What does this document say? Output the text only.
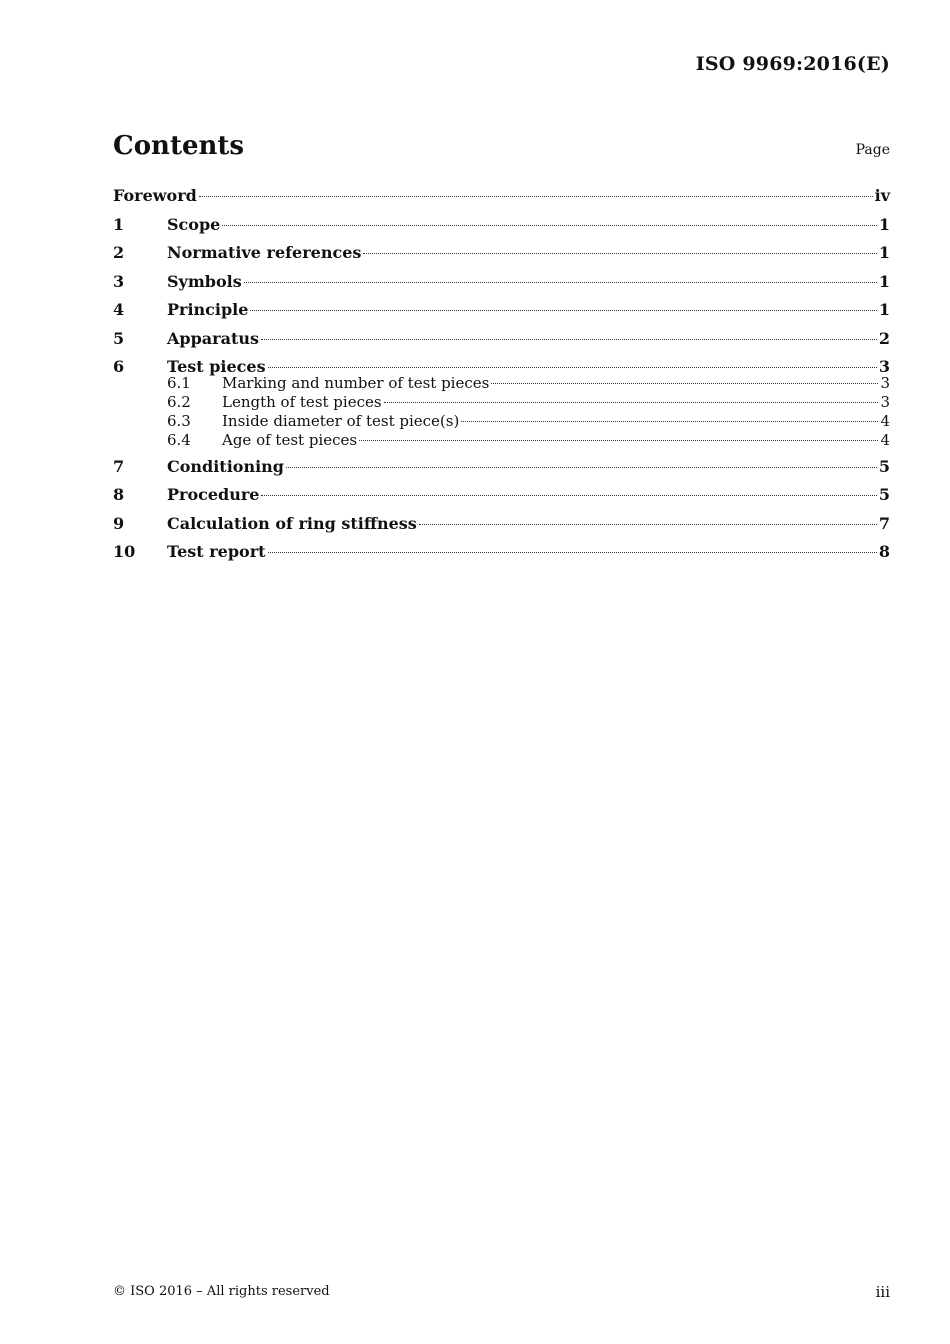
ISO 9969:2016(E)
Contents	Page
Foreword	iv
1	Scope	1
2	Normative references	1
3	Symbols	1
4	Principle	1
5	Apparatus	2
6	Test pieces	3
6.1	Marking and number of test pieces	3
6.2	Length of test pieces	3
6.3	Inside diameter of test piece(s)	4
6.4	Age of test pieces	4
7	Conditioning	5
8	Procedure	5
9	Calculation of ring stiffness	7
10	Test report	8
© ISO 2016 – All rights reserved	iii
